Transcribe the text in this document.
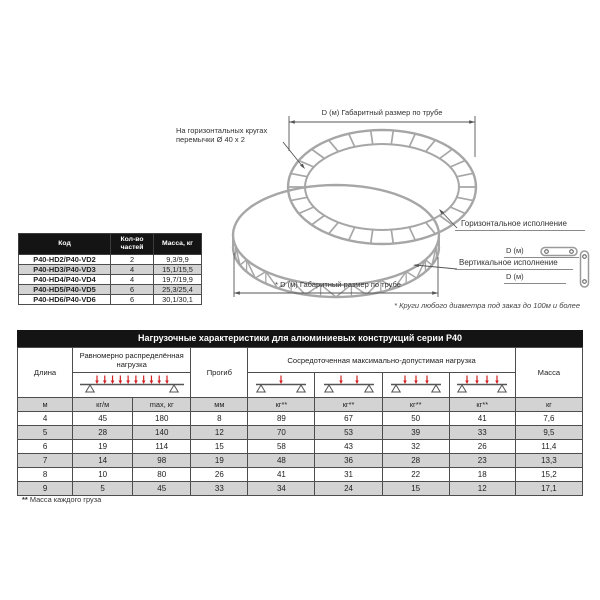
D (м) Габаритный размер по трубе
На горизонтальных кругах
перемычки Ø 40 x 2
Горизонтальное исполнение
D (м)
Вертикальное исполнение
D (м)
* D (м) Габаритный размер по трубе
* Круги любого диаметра под заказ до 100м и более
Код	Кол-во частей	Масса, кг
P40-HD2/P40-VD2	2	9,3/9,9
P40-HD3/P40-VD3	4	15,1/15,5
P40-HD4/P40-VD4	4	19,7/19,9
P40-HD5/P40-VD5	6	25,3/25,4
P40-HD6/P40-VD6	6	30,1/30,1
Нагрузочные характеристики для алюминиевых конструкций серии Р40
Длина	Равномерно распределённая нагрузка		Прогиб	Сосредоточенная максимально-допустимая нагрузка				Масса

м	кг/м	max, кг	мм	кг**	кг**	кг**	кг**	кг
4	45	180	8	89	67	50	41	7,6
5	28	140	12	70	53	39	33	9,5
6	19	114	15	58	43	32	26	11,4
7	14	98	19	48	36	28	23	13,3
8	10	80	26	41	31	22	18	15,2
9	5	45	33	34	24	15	12	17,1
** Масса каждого груза
